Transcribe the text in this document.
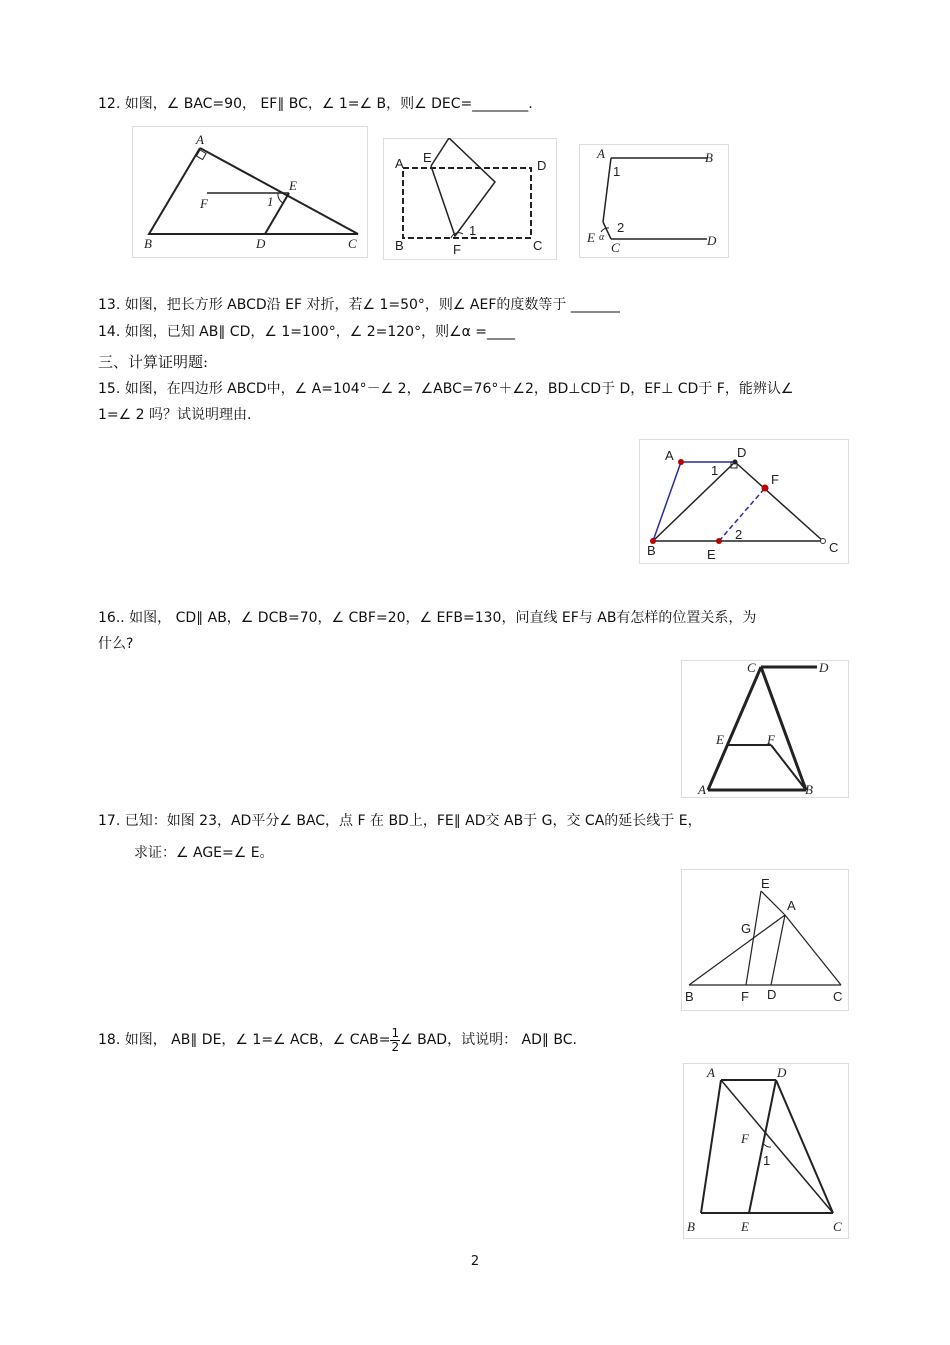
12. 如图，∠ BAC=90， EF∥ BC，∠ 1=∠ B，则∠ DEC=________.
A
B	C
D
E
F	1
A
B	C
D
E
F
1
A	B
C	D
E
1
2
α
13. 如图，把长方形 ABCD沿 EF 对折，若∠ 1=50°，则∠ AEF的度数等于 _______
14. 如图，已知 AB∥ CD，∠ 1=100°，∠ 2=120°，则∠α =____
三、计算证明题:
15. 如图，在四边形 ABCD中，∠ A=104°－∠ 2，∠ABC=76°＋∠2，BD⊥CD于 D，EF⊥ CD于 F，能辨认∠
1=∠ 2 吗？试说明理由.
A
B	C
D
E
F
1
2
16.. 如图， CD∥ AB，∠ DCB=70，∠ CBF=20，∠ EFB=130，问直线 EF与 AB有怎样的位置关系，为
什么?
C	D
E	F
A	B
17. 已知：如图 23，AD平分∠ BAC，点 F 在 BD上，FE∥ AD交 AB于 G，交 CA的延长线于 E，
求证：∠ AGE=∠ E。
E
A
G
B	F D	C
18. 如图， AB∥ DE，∠ 1=∠ ACB，∠ $CAB= \frac{1}{2}$ ∠ BAD，试说明： AD∥ BC.
A	D
F
1
B	E	C
2
